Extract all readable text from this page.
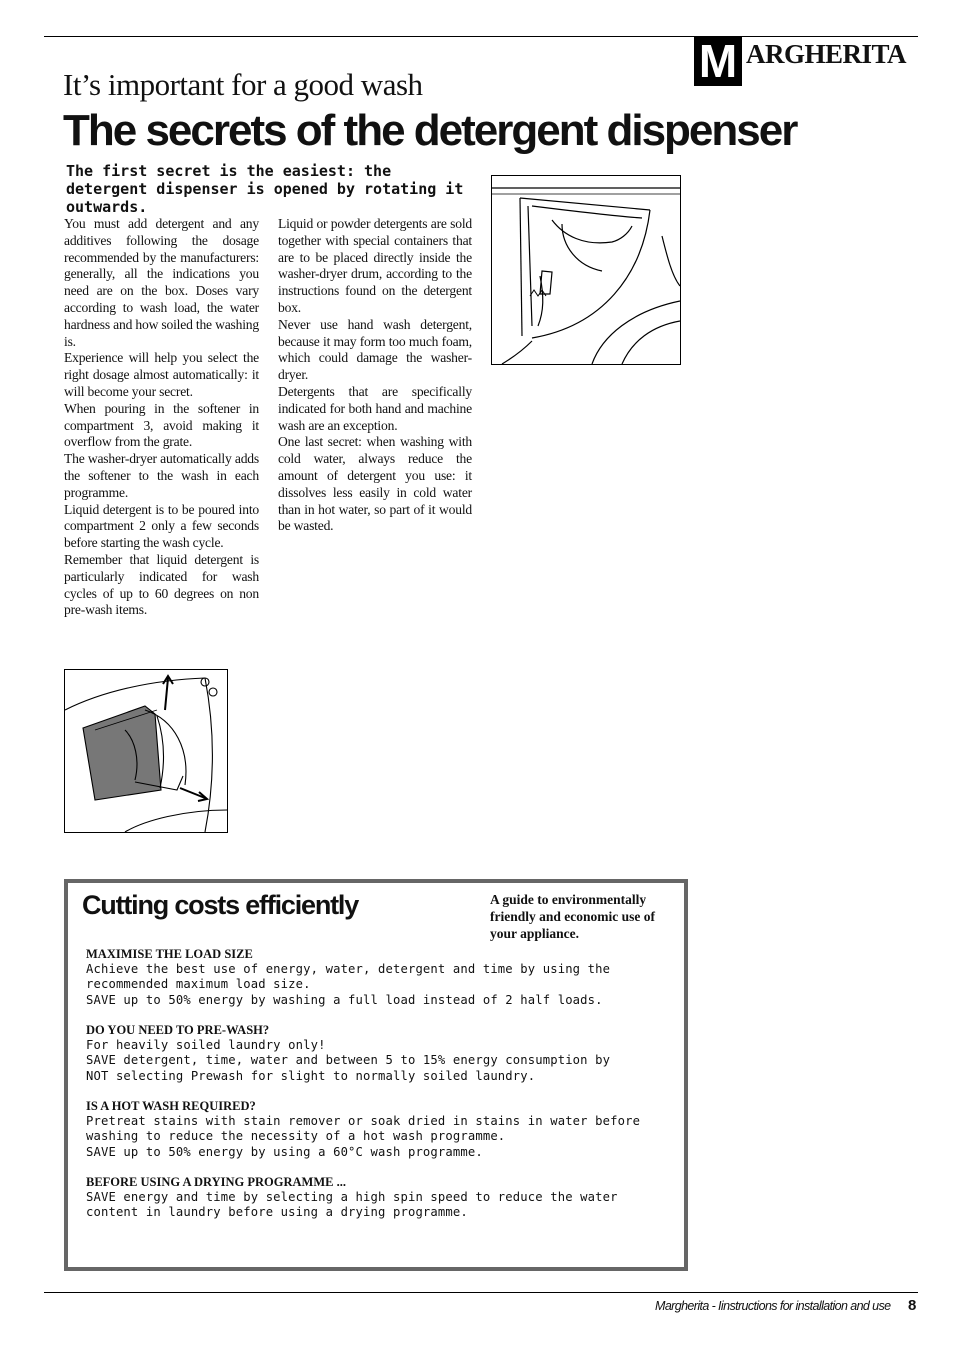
M ARGHERITA
It’s important for a good wash
The secrets of the detergent dispenser
The first secret is the easiest: the detergent dispenser is opened by rotating it outwards.

You must add detergent and any additives following the dosage recommended by the manufacturers: generally, all the indications you need are on the box. Doses vary according to wash load, the water hardness and how soiled the washing is.

Experience will help you select the right dosage almost automatically: it will become your secret.

When pouring in the softener in compartment 3, avoid making it overflow from the grate.

The washer-dryer automatically adds the softener to the wash in each programme.

Liquid detergent is to be poured into compartment 2 only a few seconds before starting the wash cycle.

Remember that liquid detergent is particularly indicated for wash cycles of up to 60 degrees on non pre-wash items.

Liquid or powder detergents are sold together with special containers that are to be placed directly inside the washer-dryer drum, according to the instructions found on the detergent box.

Never use hand wash detergent, because it may form too much foam, which could damage the washer-dryer.

Detergents that are specifically indicated for both hand and machine wash are an exception.

One last secret: when washing with cold water, always reduce the amount of detergent you use: it dissolves less easily in cold water than in hot water, so part of it would be wasted.

Cutting costs efficiently	A guide to environmentally friendly and economic use of your appliance.
MAXIMISE THE LOAD SIZE
Achieve the best use of energy, water, detergent and time by using the
recommended maximum load size.
SAVE up to 50% energy by washing a full load instead of 2 half loads.
DO YOU NEED TO PRE-WASH?
For heavily soiled laundry only!
SAVE detergent, time, water and between 5 to 15% energy consumption by
NOT selecting Prewash for slight to normally soiled laundry.
IS A HOT WASH REQUIRED?
Pretreat stains with stain remover or soak dried in stains in water before
washing to reduce the necessity of a hot wash programme.
SAVE up to 50% energy by using a 60°C wash programme.
BEFORE USING A DRYING PROGRAMME ...
SAVE energy and time by selecting a high spin speed to reduce the water
content in laundry before using a drying programme.
Margherita - Iinstructions for installation and use 8
